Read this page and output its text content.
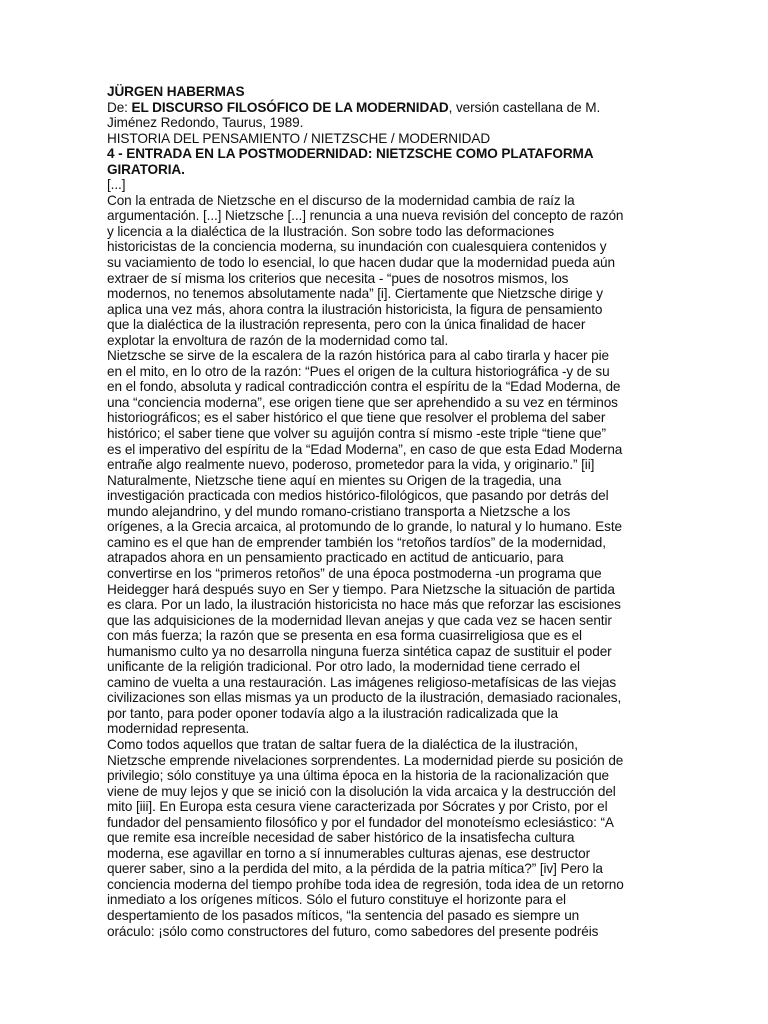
JÜRGEN HABERMAS
De: EL DISCURSO FILOSÓFICO DE LA MODERNIDAD, versión castellana de M.
Jiménez Redondo, Taurus, 1989.
HISTORIA DEL PENSAMIENTO / NIETZSCHE / MODERNIDAD
4 - ENTRADA EN LA POSTMODERNIDAD: NIETZSCHE COMO PLATAFORMA
GIRATORIA.
[...]
Con la entrada de Nietzsche en el discurso de la modernidad cambia de raíz la
argumentación. [...] Nietzsche [...] renuncia a una nueva revisión del concepto de razón
y licencia a la dialéctica de la Ilustración. Son sobre todo las deformaciones
historicistas de la conciencia moderna, su inundación con cualesquiera contenidos y
su vaciamiento de todo lo esencial, lo que hacen dudar que la modernidad pueda aún
extraer de sí misma los criterios que necesita - “pues de nosotros mismos, los
modernos, no tenemos absolutamente nada” [i]. Ciertamente que Nietzsche dirige y
aplica una vez más, ahora contra la ilustración historicista, la figura de pensamiento
que la dialéctica de la ilustración representa, pero con la única finalidad de hacer
explotar la envoltura de razón de la modernidad como tal.
Nietzsche se sirve de la escalera de la razón histórica para al cabo tirarla y hacer pie
en el mito, en lo otro de la razón: “Pues el origen de la cultura historiográfica -y de su
en el fondo, absoluta y radical contradicción contra el espíritu de la “Edad Moderna, de
una “conciencia moderna”, ese origen tiene que ser aprehendido a su vez en términos
historiográficos; es el saber histórico el que tiene que resolver el problema del saber
histórico; el saber tiene que volver su aguijón contra sí mismo -este triple “tiene que”
es el imperativo del espíritu de la “Edad Moderna”, en caso de que esta Edad Moderna
entrañe algo realmente nuevo, poderoso, prometedor para la vida, y originario.” [ii]
Naturalmente, Nietzsche tiene aquí en mientes su Origen de la tragedia, una
investigación practicada con medios histórico-filológicos, que pasando por detrás del
mundo alejandrino, y del mundo romano-cristiano transporta a Nietzsche a los
orígenes, a la Grecia arcaica, al protomundo de lo grande, lo natural y lo humano. Este
camino es el que han de emprender también los “retoños tardíos” de la modernidad,
atrapados ahora en un pensamiento practicado en actitud de anticuario, para
convertirse en los “primeros retoños” de una época postmoderna -un programa que
Heidegger hará después suyo en Ser y tiempo. Para Nietzsche la situación de partida
es clara. Por un lado, la ilustración historicista no hace más que reforzar las escisiones
que las adquisiciones de la modernidad llevan anejas y que cada vez se hacen sentir
con más fuerza; la razón que se presenta en esa forma cuasirreligiosa que es el
humanismo culto ya no desarrolla ninguna fuerza sintética capaz de sustituir el poder
unificante de la religión tradicional. Por otro lado, la modernidad tiene cerrado el
camino de vuelta a una restauración. Las imágenes religioso-metafísicas de las viejas
civilizaciones son ellas mismas ya un producto de la ilustración, demasiado racionales,
por tanto, para poder oponer todavía algo a la ilustración radicalizada que la
modernidad representa.
Como todos aquellos que tratan de saltar fuera de la dialéctica de la ilustración,
Nietzsche emprende nivelaciones sorprendentes. La modernidad pierde su posición de
privilegio; sólo constituye ya una última época en la historia de la racionalización que
viene de muy lejos y que se inició con la disolución la vida arcaica y la destrucción del
mito [iii]. En Europa esta cesura viene caracterizada por Sócrates y por Cristo, por el
fundador del pensamiento filosófico y por el fundador del monoteísmo eclesiástico: “A
que remite esa increíble necesidad de saber histórico de la insatisfecha cultura
moderna, ese agavillar en torno a sí innumerables culturas ajenas, ese destructor
querer saber, sino a la perdida del mito, a la pérdida de la patria mítica?” [iv] Pero la
conciencia moderna del tiempo prohíbe toda idea de regresión, toda idea de un retorno
inmediato a los orígenes míticos. Sólo el futuro constituye el horizonte para el
despertamiento de los pasados míticos, “la sentencia del pasado es siempre un
oráculo: ¡sólo como constructores del futuro, como sabedores del presente podréis
